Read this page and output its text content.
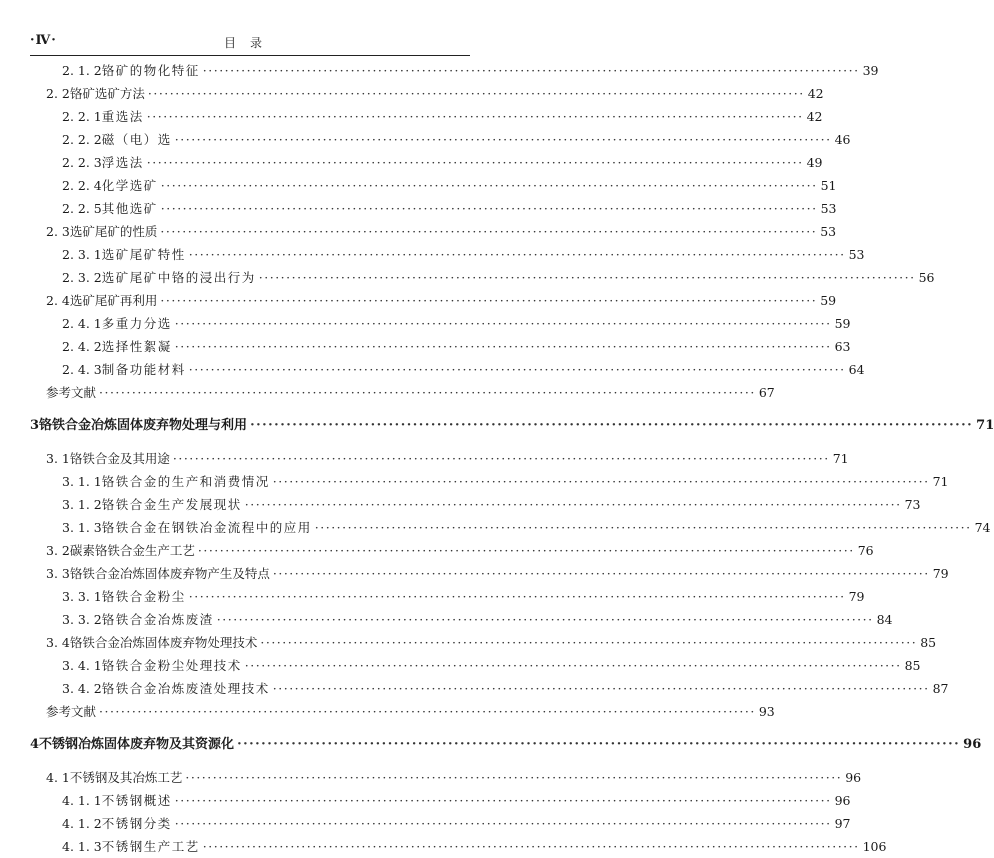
·Ⅳ·	目录
2. 1. 2 铬矿的物化特征 ························································································································ 39
2. 2 铬矿选矿方法 ························································································································ 42
2. 2. 1 重选法 ························································································································ 42
2. 2. 2 磁（电）选 ························································································································ 46
2. 2. 3 浮选法 ························································································································ 49
2. 2. 4 化学选矿 ························································································································ 51
2. 2. 5 其他选矿 ························································································································ 53
2. 3 选矿尾矿的性质 ························································································································ 53
2. 3. 1 选矿尾矿特性 ························································································································ 53
2. 3. 2 选矿尾矿中铬的浸出行为 ························································································································ 56
2. 4 选矿尾矿再利用 ························································································································ 59
2. 4. 1 多重力分选 ························································································································ 59
2. 4. 2 选择性絮凝 ························································································································ 63
2. 4. 3 制备功能材料 ························································································································ 64
参考文献 ························································································································ 67
3 铬铁合金冶炼固体废弃物处理与利用 ························································································································ 71
3. 1 铬铁合金及其用途 ························································································································ 71
3. 1. 1 铬铁合金的生产和消费情况 ························································································································ 71
3. 1. 2 铬铁合金生产发展现状 ························································································································ 73
3. 1. 3 铬铁合金在钢铁冶金流程中的应用 ························································································································ 74
3. 2 碳素铬铁合金生产工艺 ························································································································ 76
3. 3 铬铁合金冶炼固体废弃物产生及特点 ························································································································ 79
3. 3. 1 铬铁合金粉尘 ························································································································ 79
3. 3. 2 铬铁合金冶炼废渣 ························································································································ 84
3. 4 铬铁合金冶炼固体废弃物处理技术 ························································································································ 85
3. 4. 1 铬铁合金粉尘处理技术 ························································································································ 85
3. 4. 2 铬铁合金冶炼废渣处理技术 ························································································································ 87
参考文献 ························································································································ 93
4 不锈钢冶炼固体废弃物及其资源化 ························································································································ 96
4. 1 不锈钢及其冶炼工艺 ························································································································ 96
4. 1. 1 不锈钢概述 ························································································································ 96
4. 1. 2 不锈钢分类 ························································································································ 97
4. 1. 3 不锈钢生产工艺 ························································································································ 106
